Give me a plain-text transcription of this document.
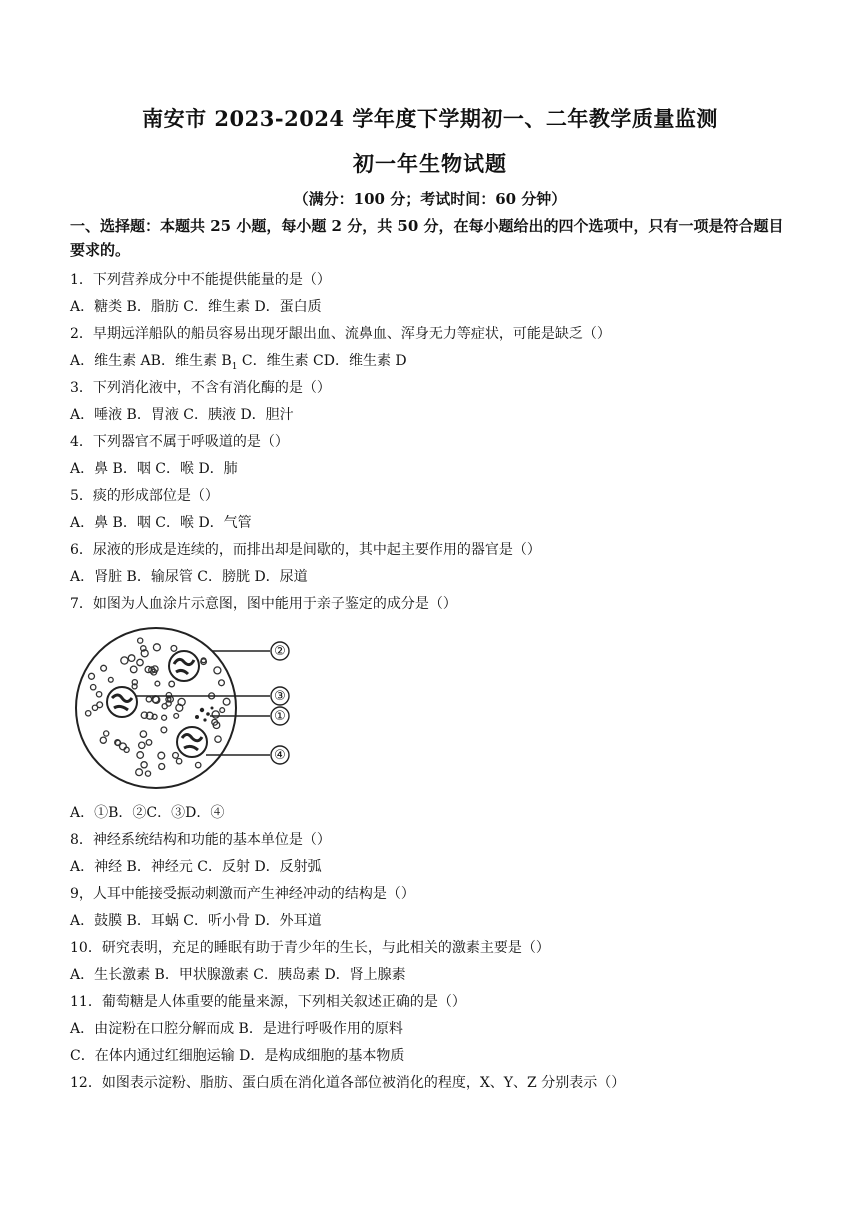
南安市 2023-2024 学年度下学期初一、二年教学质量监测
初一年生物试题
（满分：100 分；考试时间：60 分钟）
一、选择题：本题共 25 小题，每小题 2 分，共 50 分，在每小题给出的四个选项中，只有一项是符合题目要求的。
1．下列营养成分中不能提供能量的是（）
A．糖类 B．脂肪 C．维生素 D．蛋白质
2．早期远洋船队的船员容易出现牙龈出血、流鼻血、浑身无力等症状，可能是缺乏（）
A．维生素 AB．维生素 $B_1$ C．维生素 CD．维生素 D
3．下列消化液中，不含有消化酶的是（）
A．唾液 B．胃液 C．胰液 D．胆汁
4．下列器官不属于呼吸道的是（）
A．鼻 B．咽 C．喉 D．肺
5．痰的形成部位是（）
A．鼻 B．咽 C．喉 D．气管
6．尿液的形成是连续的，而排出却是间歇的，其中起主要作用的器官是（）
A．肾脏 B．输尿管 C．膀胱 D．尿道
7．如图为人血涂片示意图，图中能用于亲子鉴定的成分是（）
②
③
①
④
A．①B．②C．③D．④
8．神经系统结构和功能的基本单位是（）
A．神经 B．神经元 C．反射 D．反射弧
9，人耳中能接受振动刺激而产生神经冲动的结构是（）
A．鼓膜 B．耳蜗 C．听小骨 D．外耳道
10．研究表明，充足的睡眠有助于青少年的生长，与此相关的激素主要是（）
A．生长激素 B．甲状腺激素 C．胰岛素 D．肾上腺素
11．葡萄糖是人体重要的能量来源，下列相关叙述正确的是（）
A．由淀粉在口腔分解而成 B．是进行呼吸作用的原料
C．在体内通过红细胞运输 D．是构成细胞的基本物质
12．如图表示淀粉、脂肪、蛋白质在消化道各部位被消化的程度，X、Y、Z 分别表示（）
